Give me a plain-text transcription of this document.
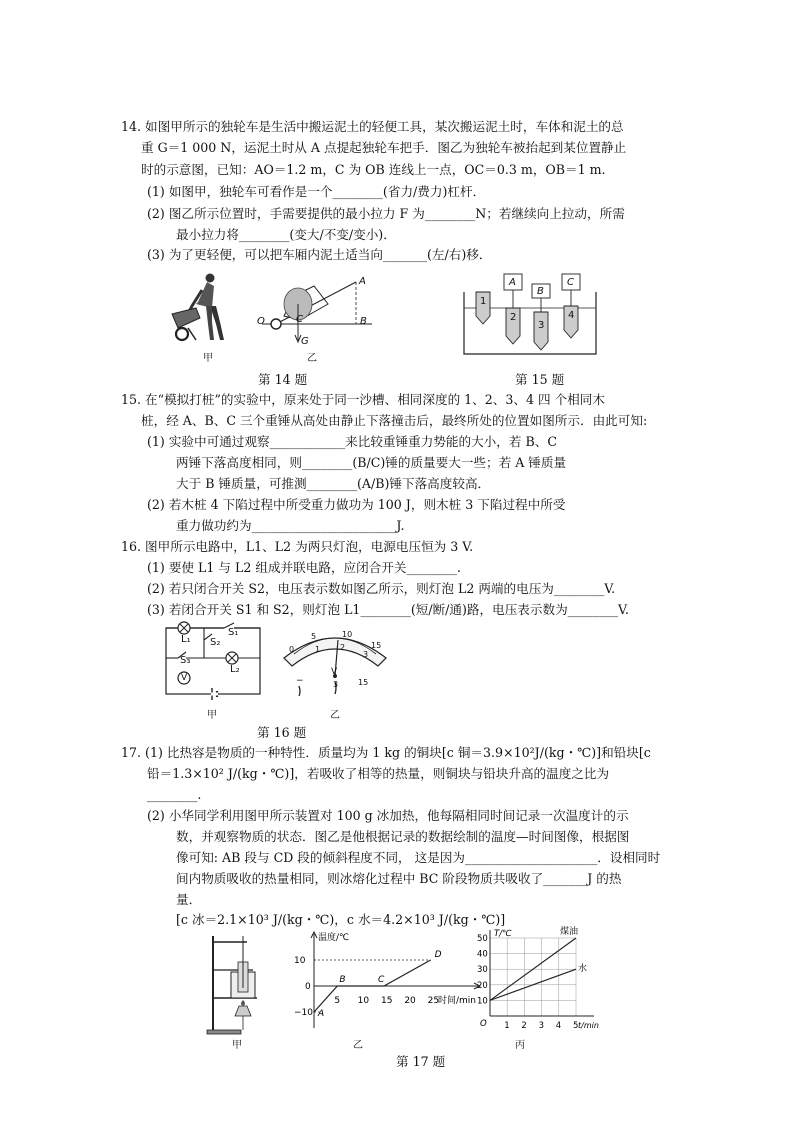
14. 如图甲所示的独轮车是生活中搬运泥土的轻便工具，某次搬运泥土时，车体和泥土的总
重 G＝1 000 N，运泥土时从 A 点提起独轮车把手．图乙为独轮车被抬起到某位置静止
时的示意图，已知：AO＝1.2 m，C 为 OB 连线上一点，OC＝0.3 m，OB＝1 m.
(1) 如图甲，独轮车可看作是一个________(省力/费力)杠杆．
(2) 图乙所示位置时，手需要提供的最小拉力 F 为________N；若继续向上拉动，所需
最小拉力将________(变大/不变/变小)．
(3) 为了更轻便，可以把车厢内泥土适当向_______(左/右)移．
甲
A
B
C
O
G
乙
第 14 题
1
2
3
4
A
B
C
第 15 题
15. 在“模拟打桩”的实验中，原来处于同一沙槽、相同深度的 1、2、3、4 四 个相同木
桩，经 A、B、C 三个重锤从高处由静止下落撞击后，最终所处的位置如图所示．由此可知:
(1) 实验中可通过观察____________来比较重锤重力势能的大小，若 B、C
两锤下落高度相同，则________(B/C)锤的质量要大一些；若 A 锤质量
大于 B 锤质量，可推测________(A/B)锤下落高度较高．
(2) 若木桩 4 下陷过程中所受重力做功为 100 J，则木桩 3 下陷过程中所受
重力做功约为_______________________J.
16. 图甲所示电路中，L1、L2 为两只灯泡，电源电压恒为 3 V.
(1) 要使 L1 与 L2 组成并联电路，应闭合开关________.
(2) 若只闭合开关 S2，电压表示数如图乙所示，则灯泡 L2 两端的电压为________V.
(3) 若闭合开关 S1 和 S2，则灯泡 L1________(短/断/通)路，电压表示数为________V.
L₁
L₂
S₁
S₂
S₃
V
甲
0
5	10
15
1 2
3
V
−	3 15
乙
第 16 题
17. (1) 比热容是物质的一种特性．质量均为 1 kg 的铜块[c 铜＝3.9×10²J/(kg・℃)]和铅块[c
铅＝1.3×10² J/(kg・℃)]，若吸收了相等的热量，则铜块与铅块升高的温度之比为
________.
(2) 小华同学利用图甲所示装置对 100 g 冰加热，他每隔相同时间记录一次温度计的示
数，并观察物质的状态．图乙是他根据记录的数据绘制的温度—时间图像，根据图
像可知: AB 段与 CD 段的倾斜程度不同， 这是因为_____________________．设相同时
间内物质吸收的热量相同，则冰熔化过程中 BC 阶段物质共吸收了_______J 的热
量．
[c 冰＝2.1×10³ J/(kg・℃)，c 水＝4.2×10³ J/(kg・℃)]
甲
温度/℃
时间/min
5 10 15 20 25
10
0
−10 A
B	C
D
乙
T/℃
t/min
O 1 2 3 4 5
10
20
30
40
50
煤油
水
丙
第 17 题
